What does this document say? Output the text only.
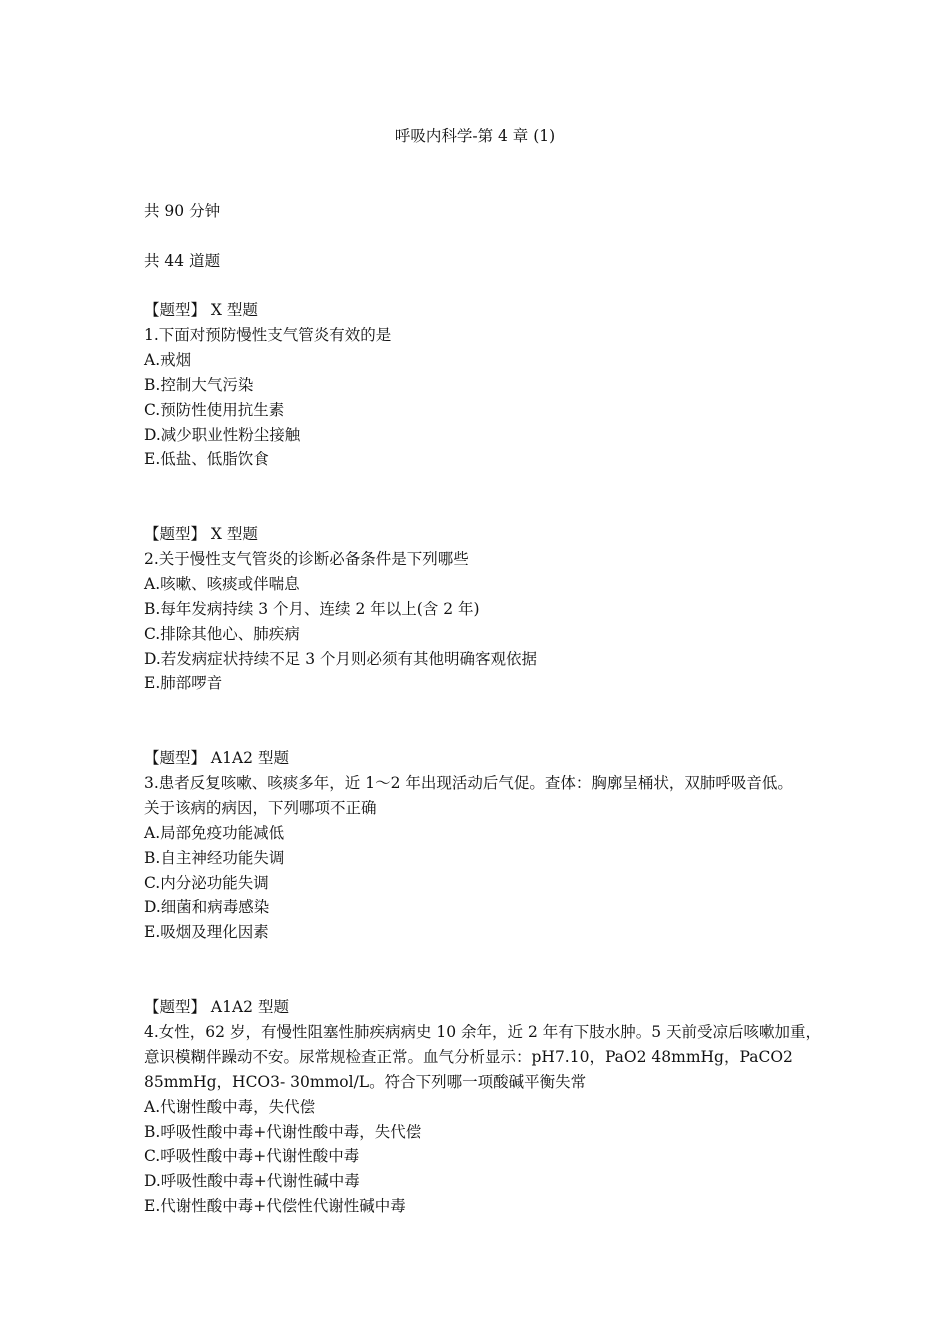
呼吸内科学-第 4 章 (1)
共 90 分钟
共 44 道题
【题型】 X 型题
1.下面对预防慢性支气管炎有效的是
A.戒烟
B.控制大气污染
C.预防性使用抗生素
D.减少职业性粉尘接触
E.低盐、低脂饮食
【题型】 X 型题
2.关于慢性支气管炎的诊断必备条件是下列哪些
A.咳嗽、咳痰或伴喘息
B.每年发病持续 3 个月、连续 2 年以上(含 2 年)
C.排除其他心、肺疾病
D.若发病症状持续不足 3 个月则必须有其他明确客观依据
E.肺部啰音
【题型】 A1A2 型题
3.患者反复咳嗽、咳痰多年，近 1～2 年出现活动后气促。查体：胸廓呈桶状，双肺呼吸音低。
关于该病的病因，下列哪项不正确
A.局部免疫功能减低
B.自主神经功能失调
C.内分泌功能失调
D.细菌和病毒感染
E.吸烟及理化因素
【题型】 A1A2 型题
4.女性，62 岁，有慢性阻塞性肺疾病病史 10 余年，近 2 年有下肢水肿。5 天前受凉后咳嗽加重，
意识模糊伴躁动不安。尿常规检查正常。血气分析显示：pH7.10，PaO2 48mmHg，PaCO2
85mmHg，HCO3- 30mmol/L。符合下列哪一项酸碱平衡失常
A.代谢性酸中毒，失代偿
B.呼吸性酸中毒+代谢性酸中毒，失代偿
C.呼吸性酸中毒+代谢性酸中毒
D.呼吸性酸中毒+代谢性碱中毒
E.代谢性酸中毒+代偿性代谢性碱中毒
